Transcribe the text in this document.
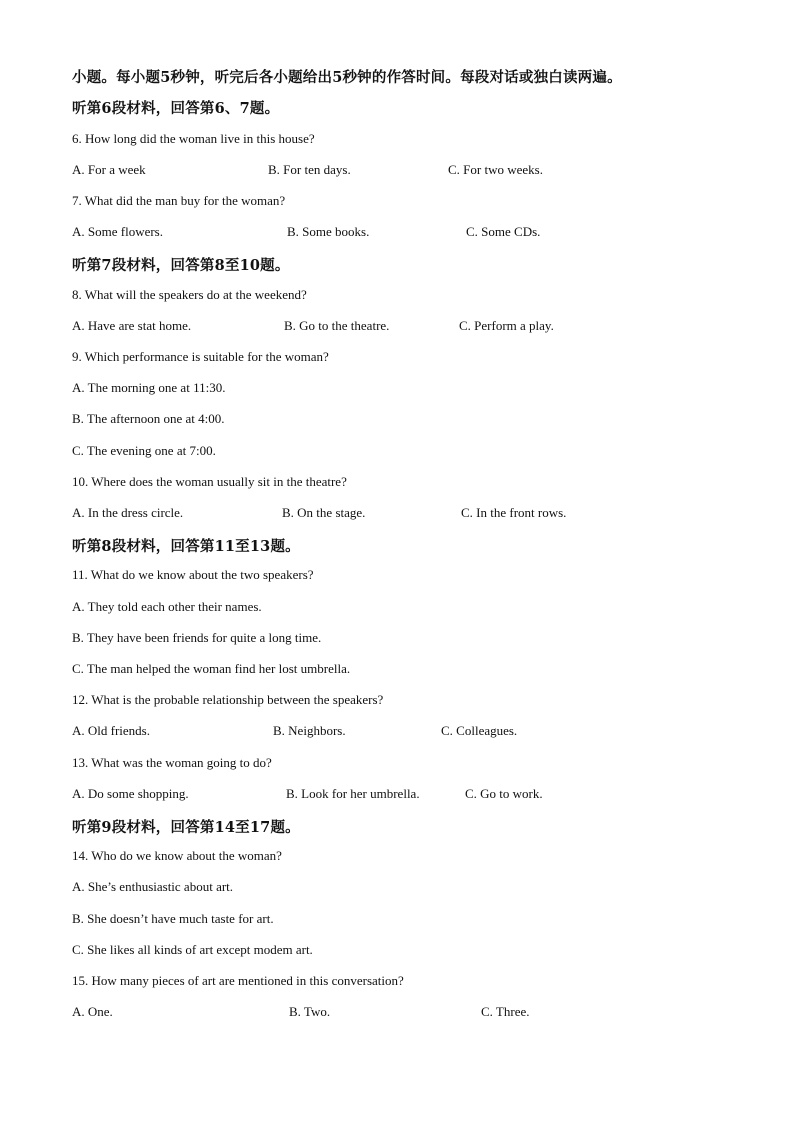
小题。每小题5秒钟，听完后各小题给出5秒钟的作答时间。每段对话或独白读两遍。
听第6段材料，回答第6、7题。
6. How long did the woman live in this house?
A. For a week	B. For ten days.	C. For two weeks.
7. What did the man buy for the woman?
A. Some flowers.	B. Some books.	C. Some CDs.
听第7段材料，回答第8至10题。
8. What will the speakers do at the weekend?
A. Have are stat home.	B. Go to the theatre.	C. Perform a play.
9. Which performance is suitable for the woman?
A. The morning one at 11:30.
B. The afternoon one at 4:00.
C. The evening one at 7:00.
10. Where does the woman usually sit in the theatre?
A. In the dress circle.	B. On the stage.	C. In the front rows.
听第8段材料，回答第11至13题。
11. What do we know about the two speakers?
A. They told each other their names.
B. They have been friends for quite a long time.
C. The man helped the woman find her lost umbrella.
12. What is the probable relationship between the speakers?
A. Old friends.	B. Neighbors.	C. Colleagues.
13. What was the woman going to do?
A. Do some shopping.	B. Look for her umbrella.	C. Go to work.
听第9段材料，回答第14至17题。
14. Who do we know about the woman?
A. She’s enthusiastic about art.
B. She doesn’t have much taste for art.
C. She likes all kinds of art except modem art.
15. How many pieces of art are mentioned in this conversation?
A. One.	B. Two.	C. Three.
